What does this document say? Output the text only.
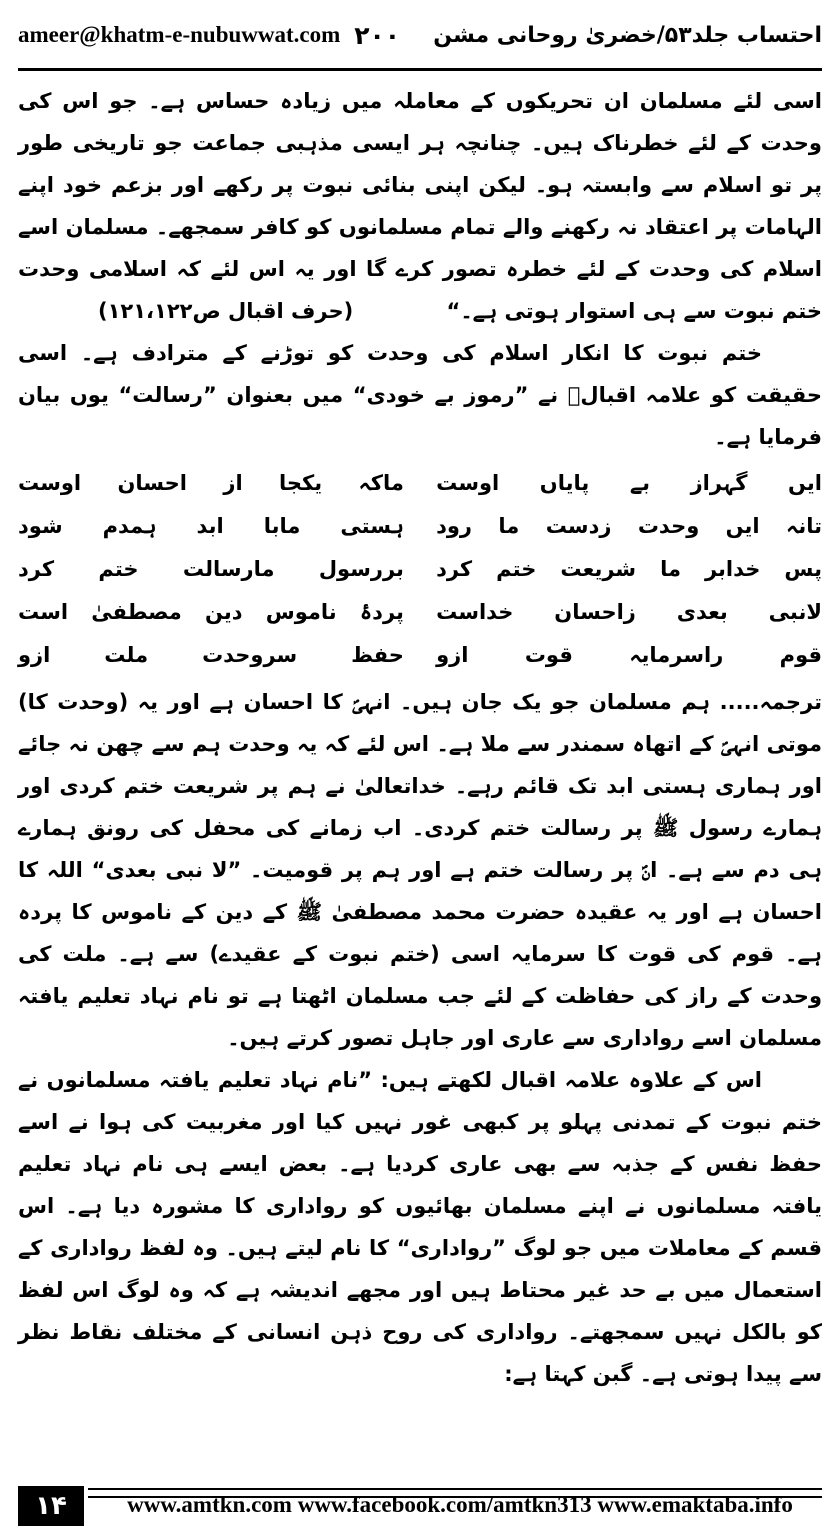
ameer@khatm-e-nubuwwat.com ۲۰۰ احتساب جلد۵۳/خضریٰ روحانی مشن

اسی لئے مسلمان ان تحریکوں کے معاملہ میں زیادہ حساس ہے۔ جو اس کی وحدت کے لئے خطرناک ہیں۔ چنانچہ ہر ایسی مذہبی جماعت جو تاریخی طور پر تو اسلام سے وابستہ ہو۔ لیکن اپنی بنائی نبوت پر رکھے اور بزعم خود اپنے الہامات پر اعتقاد نہ رکھنے والے تمام مسلمانوں کو کافر سمجھے۔ مسلمان اسے اسلام کی وحدت کے لئے خطرہ تصور کرے گا اور یہ اس لئے کہ اسلامی وحدت ختم نبوت سے ہی استوار ہوتی ہے۔“

(حرف اقبال ص۱۲۱،۱۲۲)

ختم نبوت کا انکار اسلام کی وحدت کو توڑنے کے مترادف ہے۔ اسی حقیقت کو علامہ اقبالؒ نے ”رموز بے خودی“ میں بعنوان ”رسالت“ یوں بیان فرمایا ہے۔

ایں گہراز بے پایاں اوست
ماکہ یکجا از احسان اوست
تانہ ایں وحدت زدست ما رود
ہستی مابا ابد ہمدم شود
پس خدابر ما شریعت ختم کرد
بررسول مارسالت ختم کرد
لانبی بعدی زاحسان خداست
پردۂ ناموس دین مصطفیٰ است
قوم راسرمایہ قوت ازو
حفظ سروحدت ملت ازو

ترجمہ..... ہم مسلمان جو یک جان ہیں۔ انہیؐ کا احسان ہے اور یہ (وحدت کا) موتی انہیؐ کے اتھاہ سمندر سے ملا ہے۔ اس لئے کہ یہ وحدت ہم سے چھن نہ جائے اور ہماری ہستی ابد تک قائم رہے۔ خداتعالیٰ نے ہم پر شریعت ختم کردی اور ہمارے رسول ﷺ پر رسالت ختم کردی۔ اب زمانے کی محفل کی رونق ہمارے ہی دم سے ہے۔ انؐ پر رسالت ختم ہے اور ہم پر قومیت۔ ”لا نبی بعدی“ اللہ کا احسان ہے اور یہ عقیدہ حضرت محمد مصطفیٰ ﷺ کے دین کے ناموس کا پردہ ہے۔ قوم کی قوت کا سرمایہ اسی (ختم نبوت کے عقیدے) سے ہے۔ ملت کی وحدت کے راز کی حفاظت کے لئے جب مسلمان اٹھتا ہے تو نام نہاد تعلیم یافتہ مسلمان اسے رواداری سے عاری اور جاہل تصور کرتے ہیں۔

اس کے علاوہ علامہ اقبال لکھتے ہیں: ”نام نہاد تعلیم یافتہ مسلمانوں نے ختم نبوت کے تمدنی پہلو پر کبھی غور نہیں کیا اور مغربیت کی ہوا نے اسے حفظ نفس کے جذبہ سے بھی عاری کردیا ہے۔ بعض ایسے ہی نام نہاد تعلیم یافتہ مسلمانوں نے اپنے مسلمان بھائیوں کو رواداری کا مشورہ دیا ہے۔ اس قسم کے معاملات میں جو لوگ ”رواداری“ کا نام لیتے ہیں۔ وہ لفظ رواداری کے استعمال میں بے حد غیر محتاط ہیں اور مجھے اندیشہ ہے کہ وہ لوگ اس لفظ کو بالکل نہیں سمجھتے۔ رواداری کی روح ذہن انسانی کے مختلف نقاط نظر سے پیدا ہوتی ہے۔ گبن کہتا ہے:

۱۴	www.amtkn.com www.facebook.com/amtkn313 www.emaktaba.info
